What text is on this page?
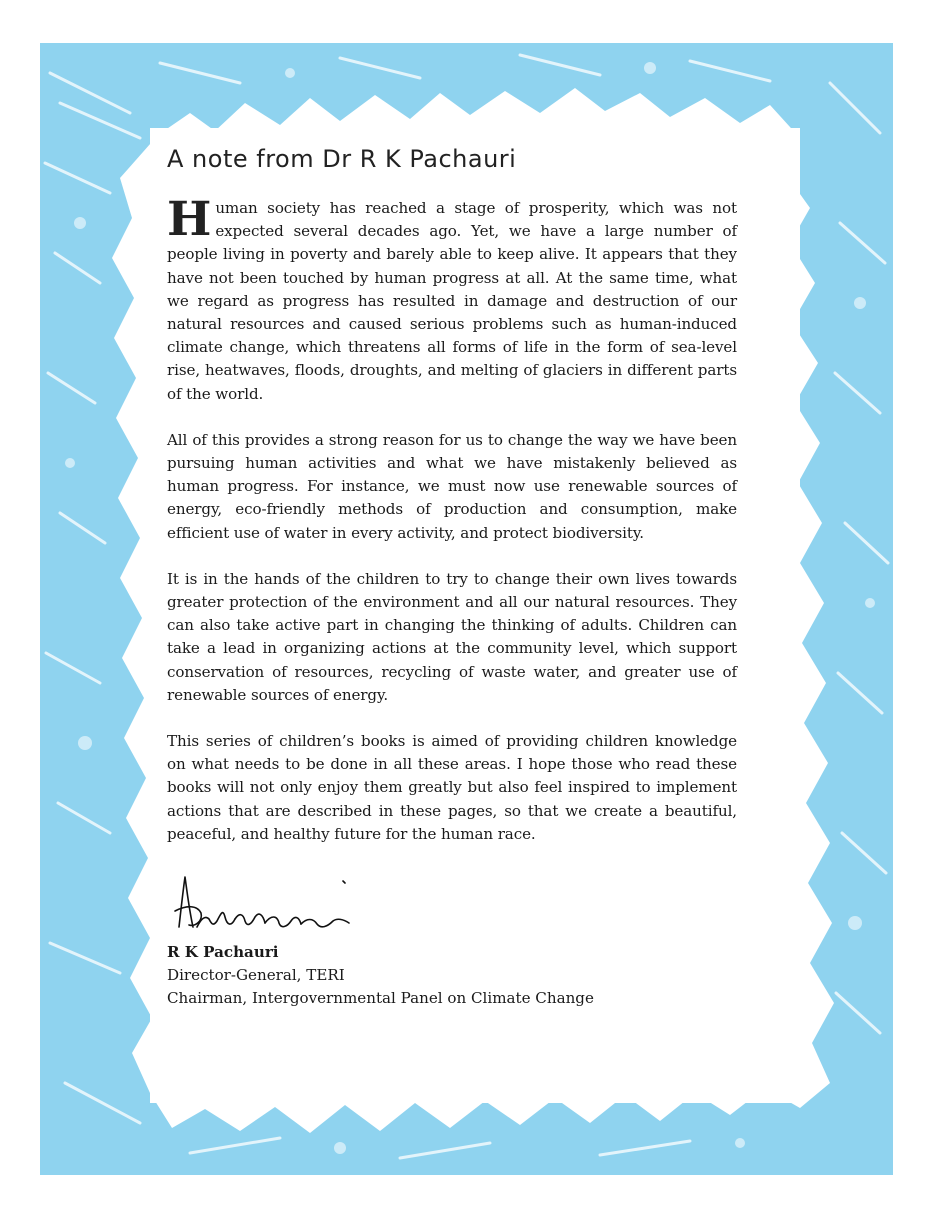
A note from Dr R K Pachauri

Human society has reached a stage of prosperity, which was not expected several decades ago. Yet, we have a large number of people living in poverty and barely able to keep alive. It appears that they have not been touched by human progress at all. At the same time, what we regard as progress has resulted in damage and destruction of our natural resources and caused serious problems such as human-induced climate change, which threatens all forms of life in the form of sea-level rise, heatwaves, floods, droughts, and melting of glaciers in different parts of the world.

All of this provides a strong reason for us to change the way we have been pursuing human activities and what we have mistakenly believed as human progress. For instance, we must now use renewable sources of energy, eco-friendly methods of production and consumption, make efficient use of water in every activity, and protect biodiversity.

It is in the hands of the children to try to change their own lives towards greater protection of the environment and all our natural resources. They can also take active part in changing the thinking of adults. Children can take a lead in organizing actions at the community level, which support conservation of resources, recycling of waste water, and greater use of renewable sources of energy.

This series of children’s books is aimed of providing children knowledge on what needs to be done in all these areas. I hope those who read these books will not only enjoy them greatly but also feel inspired to implement actions that are described in these pages, so that we create a beautiful, peaceful, and healthy future for the human race.

R K Pachauri
Director-General, TERI
Chairman, Intergovernmental Panel on Climate Change
